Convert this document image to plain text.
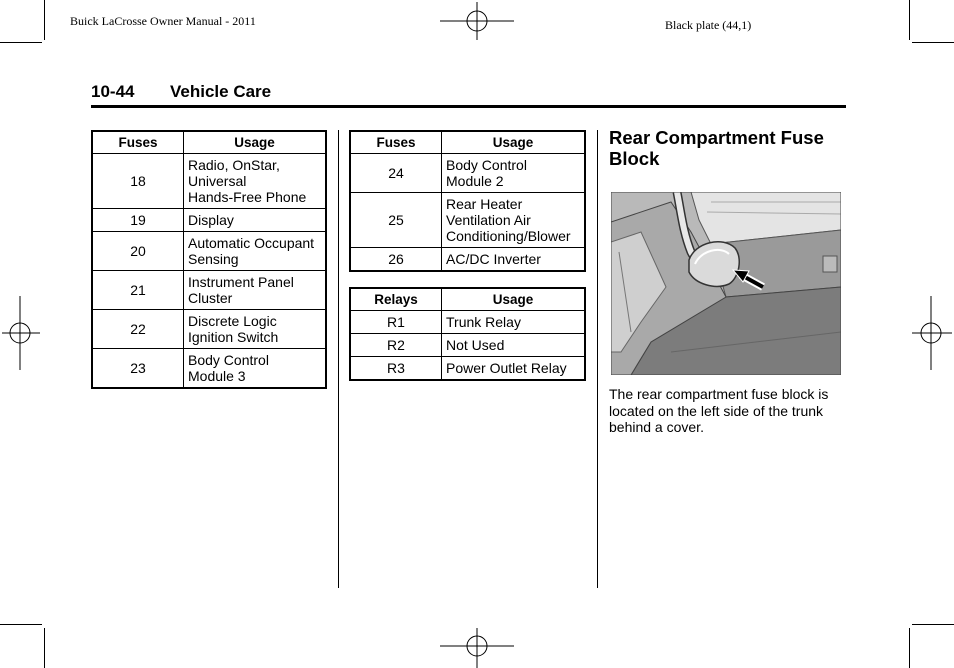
Buick LaCrosse Owner Manual - 2011	Black plate (44,1)
10-44 Vehicle Care
Fuses	Usage
18	Radio, OnStar,
Universal
Hands-Free Phone

19	Display

20	Automatic Occupant
Sensing

21	Instrument Panel
Cluster

22	Discrete Logic
Ignition Switch

23	Body Control
Module 3
Fuses	Usage
24	Body Control
Module 2

25	Rear Heater
Ventilation Air
Conditioning/Blower

26	AC/DC Inverter
Relays	Usage
R1	Trunk Relay

R2	Not Used

R3	Power Outlet Relay
Rear Compartment Fuse Block
The rear compartment fuse block is located on the left side of the trunk behind a cover.
